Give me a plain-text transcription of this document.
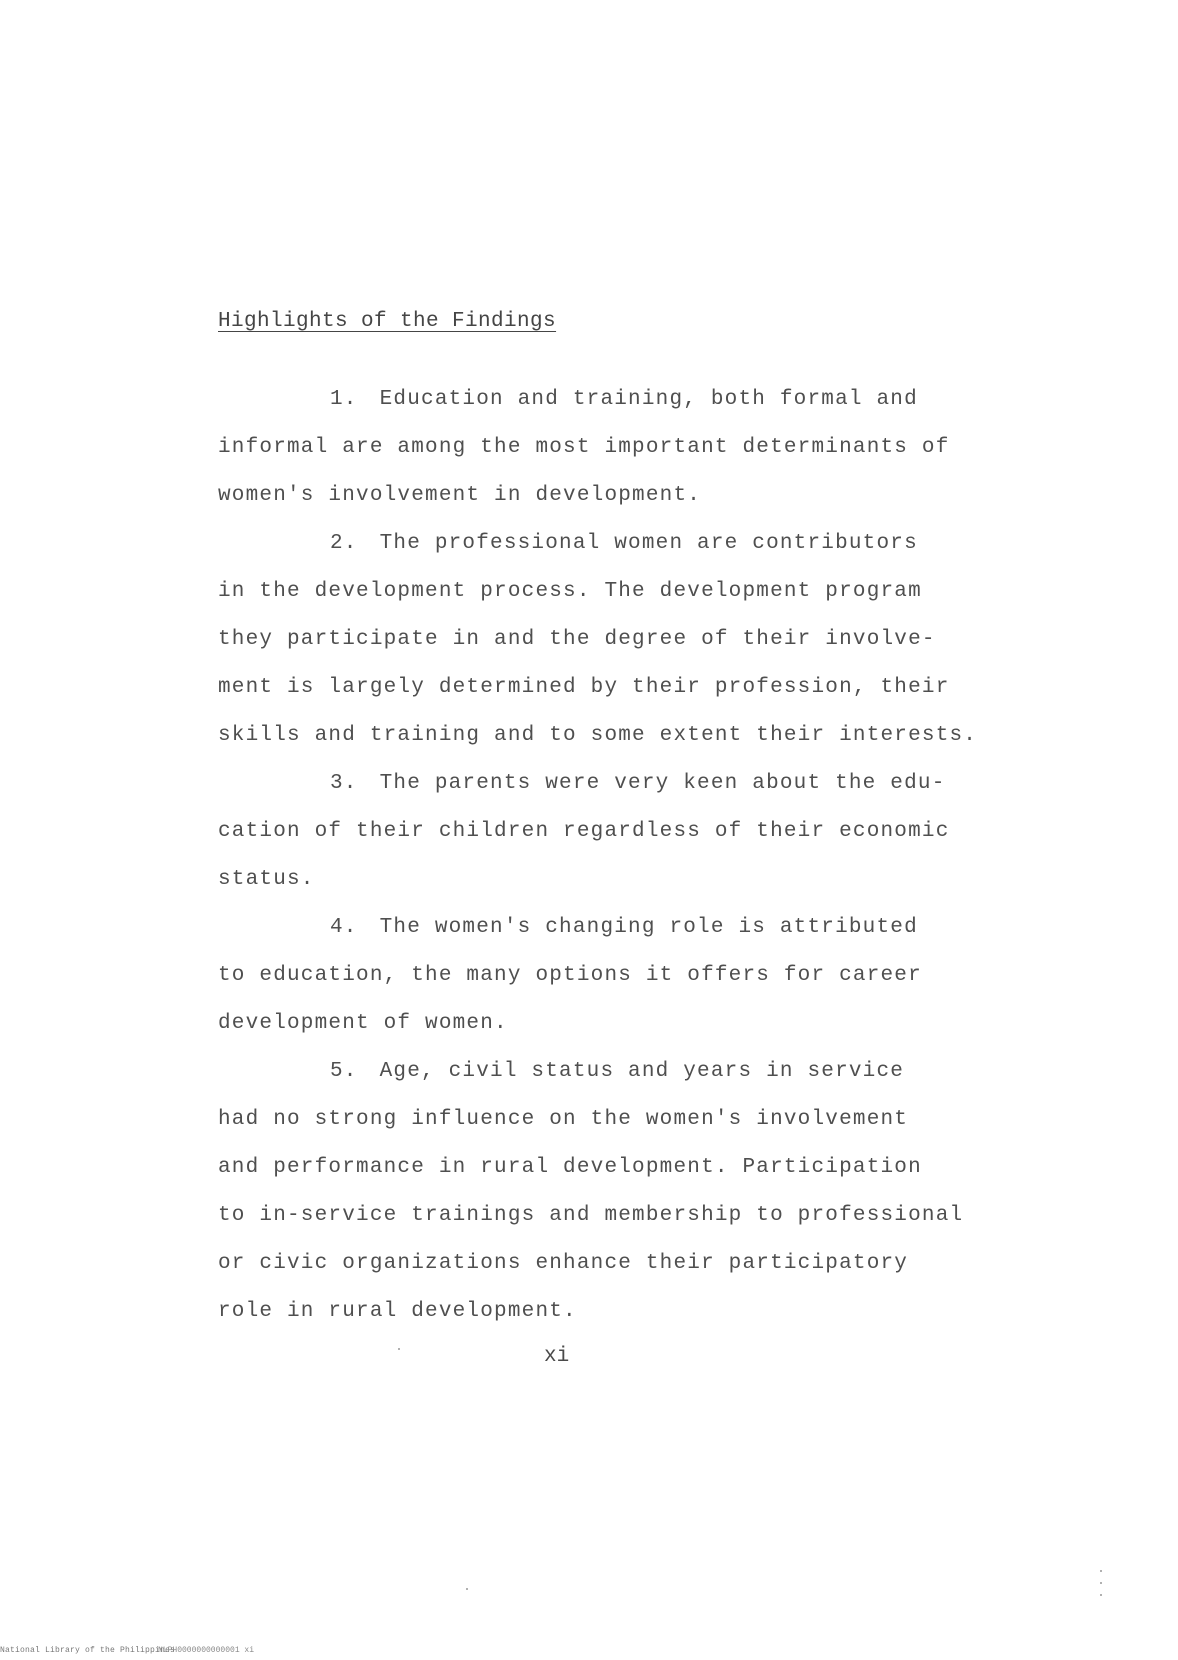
Highlights of the Findings
1. Education and training, both formal and
informal are among the most important determinants of
women's involvement in development.
2. The professional women are contributors
in the development process. The development program
they participate in and the degree of their involve-
ment is largely determined by their profession, their
skills and training and to some extent their interests.
3. The parents were very keen about the edu-
cation of their children regardless of their economic
status.
4. The women's changing role is attributed
to education, the many options it offers for career
development of women.
5. Age, civil status and years in service
had no strong influence on the women's involvement
and performance in rural development. Participation
to in-service trainings and membership to professional
or civic organizations enhance their participatory
role in rural development.
xi
National Library of the Philippines
NLPH0000000000001 xi
